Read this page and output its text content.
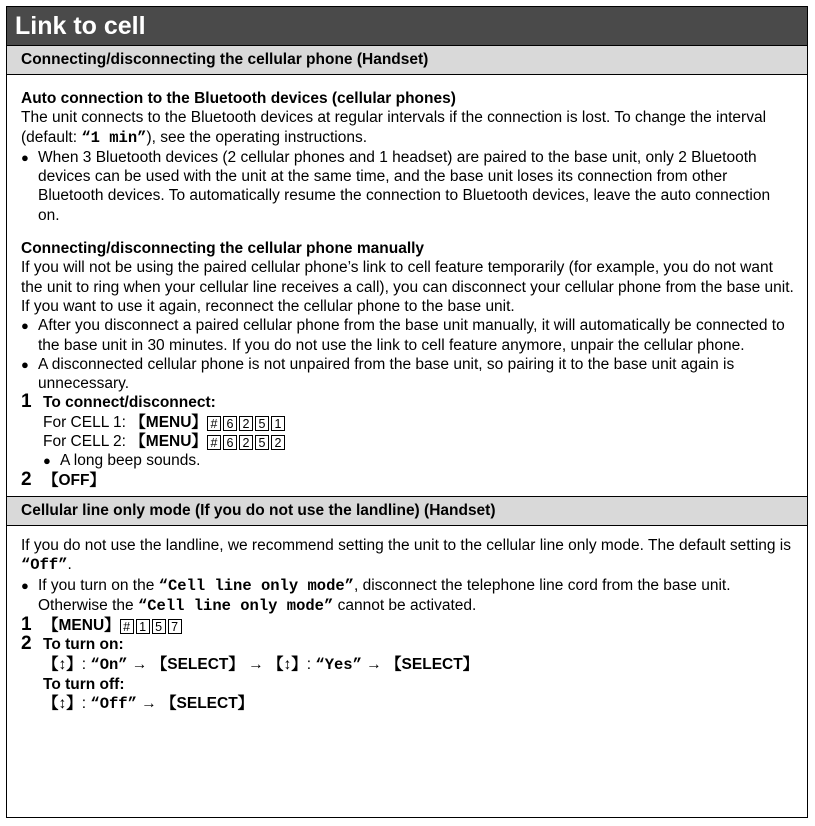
Link to cell
Connecting/disconnecting the cellular phone (Handset)

Auto connection to the Bluetooth devices (cellular phones)

The unit connects to the Bluetooth devices at regular intervals if the connection is lost. To change the interval (default: “1 min”), see the operating instructions.

● When 3 Bluetooth devices (2 cellular phones and 1 headset) are paired to the base unit, only 2 Bluetooth devices can be used with the unit at the same time, and the base unit loses its connection from other Bluetooth devices. To automatically resume the connection to Bluetooth devices, leave the auto connection on.

Connecting/disconnecting the cellular phone manually

If you will not be using the paired cellular phone’s link to cell feature temporarily (for example, you do not want the unit to ring when your cellular line receives a call), you can disconnect your cellular phone from the base unit. If you want to use it again, reconnect the cellular phone to the base unit.

● After you disconnect a paired cellular phone from the base unit manually, it will automatically be connected to the base unit in 30 minutes. If you do not use the link to cell feature anymore, unpair the cellular phone.

● A disconnected cellular phone is not unpaired from the base unit, so pairing it to the base unit again is unnecessary.

1 To connect/disconnect:
For CELL 1: 【MENU】 # 6 2 5 1
For CELL 2: 【MENU】 # 6 2 5 2

● A long beep sounds.

2 【OFF】
Cellular line only mode (If you do not use the landline) (Handset)

If you do not use the landline, we recommend setting the unit to the cellular line only mode. The default setting is “Off”.

● If you turn on the “Cell line only mode”, disconnect the telephone line cord from the base unit. Otherwise the “Cell line only mode” cannot be activated.

1 【MENU】 # 1 5 7
2 To turn on:
【↕】: “On” → 【SELECT】 → 【↕】: “Yes” → 【SELECT】
To turn off:
【↕】: “Off” → 【SELECT】
